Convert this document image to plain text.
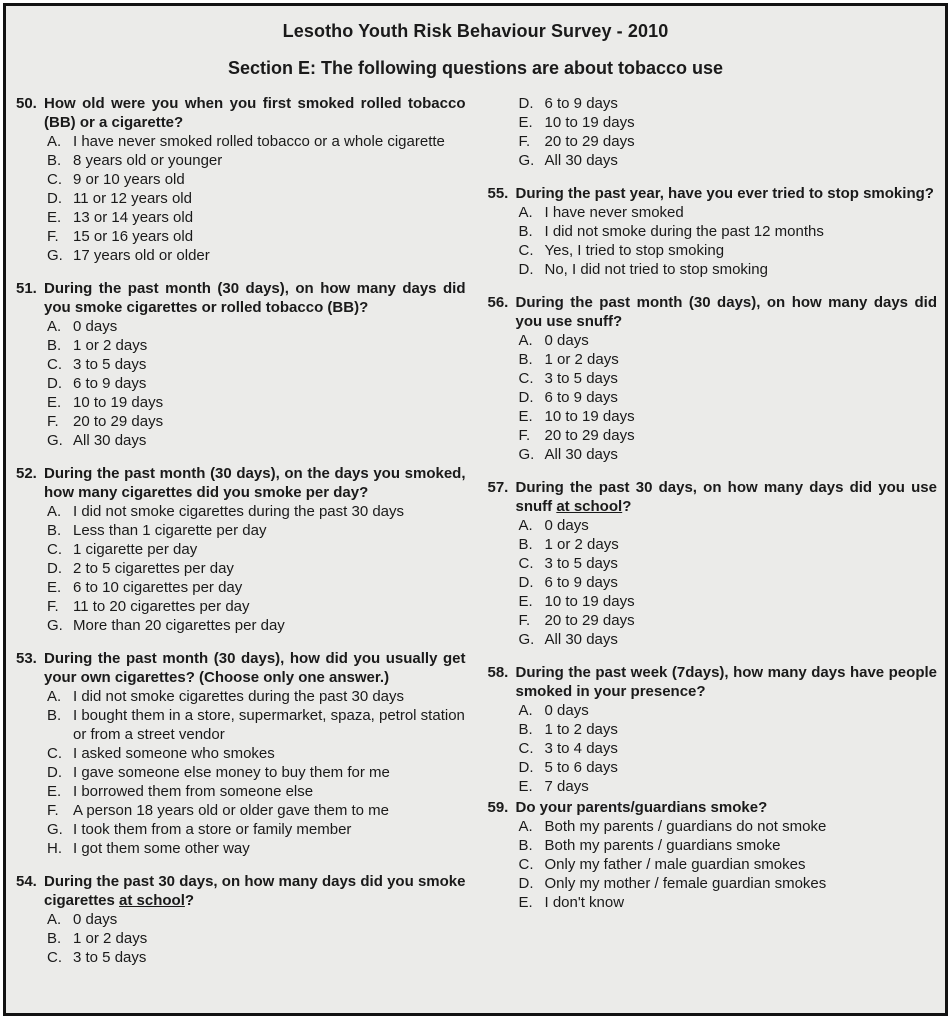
Lesotho Youth Risk Behaviour Survey - 2010
Section E: The following questions are about tobacco use
50. How old were you when you first smoked rolled tobacco (BB) or a cigarette?
A. I have never smoked rolled tobacco or a whole cigarette
B. 8 years old or younger
C. 9 or 10 years old
D. 11 or 12 years old
E. 13 or 14 years old
F. 15 or 16 years old
G. 17 years old or older
51. During the past month (30 days), on how many days did you smoke cigarettes or rolled tobacco (BB)?
A. 0 days
B. 1 or 2 days
C. 3 to 5 days
D. 6 to 9 days
E. 10 to 19 days
F. 20 to 29 days
G. All 30 days
52. During the past month (30 days), on the days you smoked, how many cigarettes did you smoke per day?
A. I did not smoke cigarettes during the past 30 days
B. Less than 1 cigarette per day
C. 1 cigarette per day
D. 2 to 5 cigarettes per day
E. 6 to 10 cigarettes per day
F. 11 to 20 cigarettes per day
G. More than 20 cigarettes per day
53. During the past month (30 days), how did you usually get your own cigarettes? (Choose only one answer.)
A. I did not smoke cigarettes during the past 30 days
B. I bought them in a store, supermarket, spaza, petrol station or from a street vendor
C. I asked someone who smokes
D. I gave someone else money to buy them for me
E. I borrowed them from someone else
F. A person 18 years old or older gave them to me
G. I took them from a store or family member
H. I got them some other way
54. During the past 30 days, on how many days did you smoke cigarettes at school?
A. 0 days
B. 1 or 2 days
C. 3 to 5 days
D. 6 to 9 days
E. 10 to 19 days
F. 20 to 29 days
G. All 30 days
55. During the past year, have you ever tried to stop smoking?
A. I have never smoked
B. I did not smoke during the past 12 months
C. Yes, I tried to stop smoking
D. No, I did not tried to stop smoking
56. During the past month (30 days), on how many days did you use snuff?
A. 0 days
B. 1 or 2 days
C. 3 to 5 days
D. 6 to 9 days
E. 10 to 19 days
F. 20 to 29 days
G. All 30 days
57. During the past 30 days, on how many days did you use snuff at school?
A. 0 days
B. 1 or 2 days
C. 3 to 5 days
D. 6 to 9 days
E. 10 to 19 days
F. 20 to 29 days
G. All 30 days
58. During the past week (7days), how many days have people smoked in your presence?
A. 0 days
B. 1 to 2 days
C. 3 to 4 days
D. 5 to 6 days
E. 7 days
59. Do your parents/guardians smoke?
A. Both my parents / guardians do not smoke
B. Both my parents / guardians smoke
C. Only my father / male guardian smokes
D. Only my mother / female guardian smokes
E. I don't know
